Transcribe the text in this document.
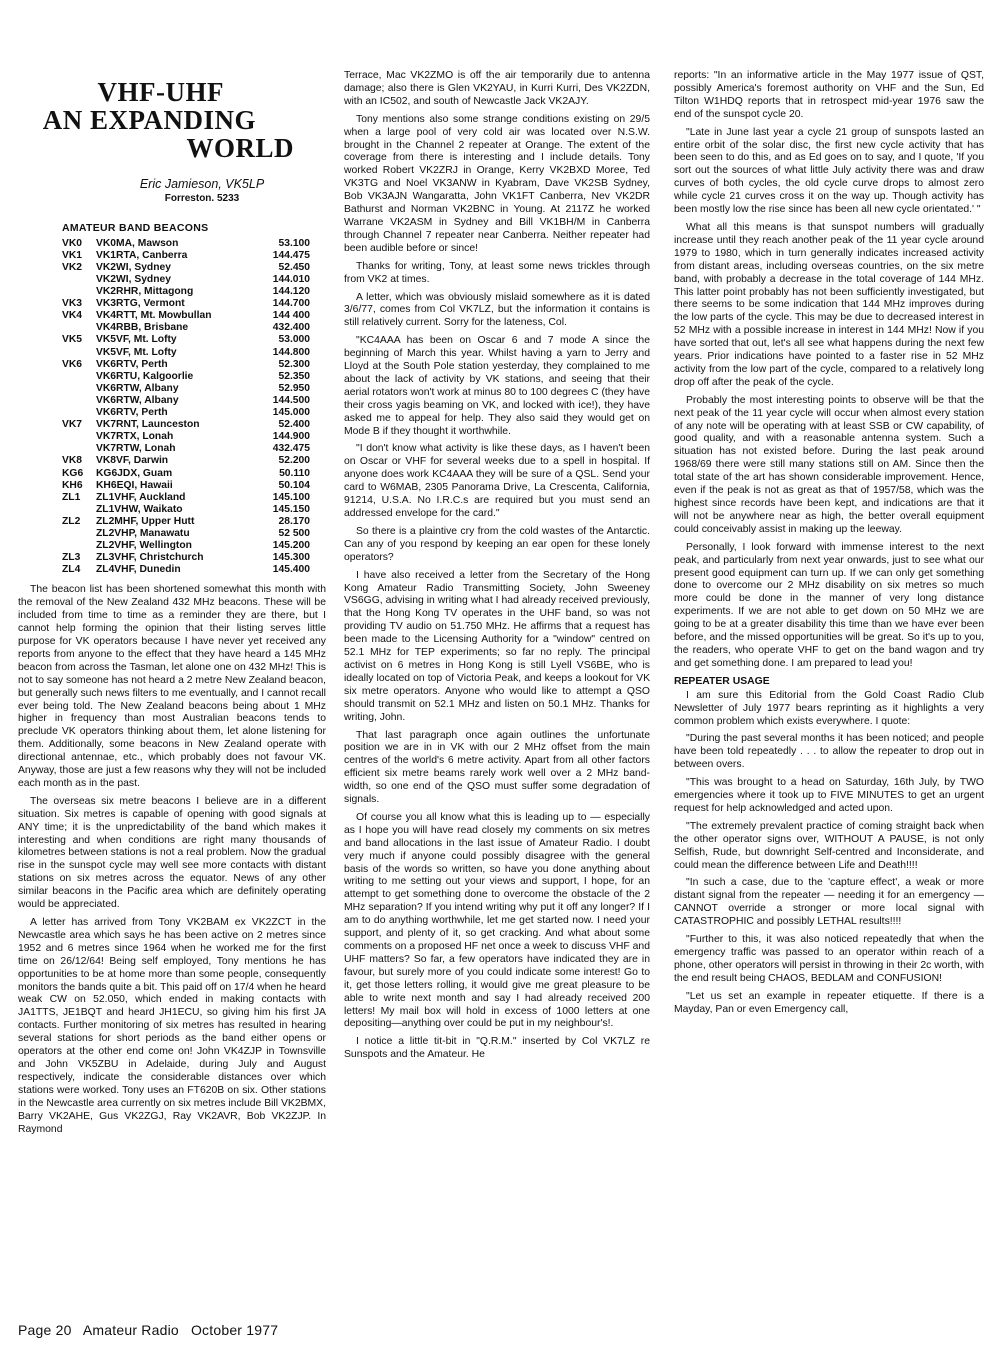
VHF-UHF
AN EXPANDING
WORLD
Eric Jamieson, VK5LP
Forreston. 5233
AMATEUR BAND BEACONS
VK0	VK0MA, Mawson	53.100
VK1	VK1RTA, Canberra	144.475
VK2	VK2WI, Sydney	52.450
	VK2WI, Sydney	144.010
	VK2RHR, Mittagong	144.120
VK3	VK3RTG, Vermont	144.700
VK4	VK4RTT, Mt. Mowbullan	144 400
	VK4RBB, Brisbane	432.400
VK5	VK5VF, Mt. Lofty	53.000
	VK5VF, Mt. Lofty	144.800
VK6	VK6RTV, Perth	52.300
	VK6RTU, Kalgoorlie	52.350
	VK6RTW, Albany	52.950
	VK6RTW, Albany	144.500
	VK6RTV, Perth	145.000
VK7	VK7RNT, Launceston	52.400
	VK7RTX, Lonah	144.900
	VK7RTW, Lonah	432.475
VK8	VK8VF, Darwin	52.200
KG6	KG6JDX, Guam	50.110
KH6	KH6EQI, Hawaii	50.104
ZL1	ZL1VHF, Auckland	145.100
	ZL1VHW, Waikato	145.150
ZL2	ZL2MHF, Upper Hutt	28.170
	ZL2VHP, Manawatu	52 500
	ZL2VHF, Wellington	145.200
ZL3	ZL3VHF, Christchurch	145.300
ZL4	ZL4VHF, Dunedin	145.400

The beacon list has been shortened somewhat this month with the removal of the New Zealand 432 MHz beacons. These will be included from time to time as a reminder they are there, but I cannot help forming the opinion that their listing serves little purpose for VK operators because I have never yet received any reports from anyone to the effect that they have heard a 145 MHz beacon from across the Tasman, let alone one on 432 MHz! This is not to say someone has not heard a 2 metre New Zealand beacon, but generally such news filters to me eventually, and I cannot recall ever being told. The New Zealand beacons being about 1 MHz higher in frequency than most Australian beacons tends to preclude VK operators thinking about them, let alone listening for them. Additionally, some beacons in New Zealand operate with directional antennae, etc., which probably does not favour VK. Anyway, those are just a few reasons why they will not be included each month as in the past.

The overseas six metre beacons I believe are in a different situation. Six metres is capable of opening with good signals at ANY time; it is the unpredictability of the band which makes it interesting and when conditions are right many thousands of kilometres between stations is not a real problem. Now the gradual rise in the sunspot cycle may well see more contacts with distant stations on six metres across the equator. News of any other similar beacons in the Pacific area which are definitely operating would be appreciated.

A letter has arrived from Tony VK2BAM ex VK2ZCT in the Newcastle area which says he has been active on 2 metres since 1952 and 6 metres since 1964 when he worked me for the first time on 26/12/64! Being self employed, Tony mentions he has opportunities to be at home more than some people, consequently monitors the bands quite a bit. This paid off on 17/4 when he heard weak CW on 52.050, which ended in making contacts with JA1TTS, JE1BQT and heard JH1ECU, so giving him his first JA contacts. Further monitoring of six metres has resulted in hearing several stations for short periods as the band either opens or operators at the other end come on! John VK4ZJP in Townsville and John VK5ZBU in Adelaide, during July and August respectively, indicate the considerable distances over which stations were worked. Tony uses an FT620B on six. Other stations in the Newcastle area currently on six metres include Bill VK2BMX, Barry VK2AHE, Gus VK2ZGJ, Ray VK2AVR, Bob VK2ZJP. In Raymond

Terrace, Mac VK2ZMO is off the air temporarily due to antenna damage; also there is Glen VK2YAU, in Kurri Kurri, Des VK2ZDN, with an IC502, and south of Newcastle Jack VK2AJY.

Tony mentions also some strange conditions existing on 29/5 when a large pool of very cold air was located over N.S.W. brought in the Channel 2 repeater at Orange. The extent of the coverage from there is interesting and I include details. Tony worked Robert VK2ZRJ in Orange, Kerry VK2BXD Moree, Ted VK3TG and Noel VK3ANW in Kyabram, Dave VK2SB Sydney, Bob VK3AJN Wangaratta, John VK1FT Canberra, Nev VK2DR Bathurst and Norman VK2BNC in Young. At 2117Z he worked Warrane VK2ASM in Sydney and Bill VK1BH/M in Canberra through Channel 7 repeater near Canberra. Neither repeater had been audible before or since!

Thanks for writing, Tony, at least some news trickles through from VK2 at times.

A letter, which was obviously mislaid somewhere as it is dated 3/6/77, comes from Col VK7LZ, but the information it contains is still relatively current. Sorry for the lateness, Col.

"KC4AAA has been on Oscar 6 and 7 mode A since the beginning of March this year. Whilst having a yarn to Jerry and Lloyd at the South Pole station yesterday, they complained to me about the lack of activity by VK stations, and seeing that their aerial rotators won't work at minus 80 to 100 degrees C (they have their cross yagis beaming on VK, and locked with ice!), they have asked me to appeal for help. They also said they would get on Mode B if they thought it worthwhile.

"I don't know what activity is like these days, as I haven't been on Oscar or VHF for several weeks due to a spell in hospital. If anyone does work KC4AAA they will be sure of a QSL. Send your card to W6MAB, 2305 Panorama Drive, La Crescenta, California, 91214, U.S.A. No I.R.C.s are required but you must send an addressed envelope for the card."

So there is a plaintive cry from the cold wastes of the Antarctic. Can any of you respond by keeping an ear open for these lonely operators?

I have also received a letter from the Secretary of the Hong Kong Amateur Radio Transmitting Society, John Sweeney VS6GG, advising in writing what I had already received previously, that the Hong Kong TV operates in the UHF band, so was not providing TV audio on 51.750 MHz. He affirms that a request has been made to the Licensing Authority for a "window" centred on 52.1 MHz for TEP experiments; so far no reply. The principal activist on 6 metres in Hong Kong is still Lyell VS6BE, who is ideally located on top of Victoria Peak, and keeps a lookout for VK six metre operators. Anyone who would like to attempt a QSO should transmit on 52.1 MHz and listen on 50.1 MHz. Thanks for writing, John.

That last paragraph once again outlines the unfortunate position we are in in VK with our 2 MHz offset from the main centres of the world's 6 metre activity. Apart from all other factors efficient six metre beams rarely work well over a 2 MHz band-width, so one end of the QSO must suffer some degradation of signals.

Of course you all know what this is leading up to — especially as I hope you will have read closely my comments on six metres and band allocations in the last issue of Amateur Radio. I doubt very much if anyone could possibly disagree with the general basis of the words so written, so have you done anything about writing to me setting out your views and support, I hope, for an attempt to get something done to overcome the obstacle of the 2 MHz separation? If you intend writing why put it off any longer? If I am to do anything worthwhile, let me get started now. I need your support, and plenty of it, so get cracking. And what about some comments on a proposed HF net once a week to discuss VHF and UHF matters? So far, a few operators have indicated they are in favour, but surely more of you could indicate some interest! Go to it, get those letters rolling, it would give me great pleasure to be able to write next month and say I had already received 200 letters! My mail box will hold in excess of 1000 letters at one depositing—anything over could be put in my neighbour's!.

I notice a little tit-bit in "Q.R.M." inserted by Col VK7LZ re Sunspots and the Amateur. He

reports: "In an informative article in the May 1977 issue of QST, possibly America's foremost authority on VHF and the Sun, Ed Tilton W1HDQ reports that in retrospect mid-year 1976 saw the end of the sunspot cycle 20.

"Late in June last year a cycle 21 group of sunspots lasted an entire orbit of the solar disc, the first new cycle activity that has been seen to do this, and as Ed goes on to say, and I quote, 'If you sort out the sources of what little July activity there was and draw curves of both cycles, the old cycle curve drops to almost zero while cycle 21 curves cross it on the way up. Though activity has been mostly low the rise since has been all new cycle orientated.' "

What all this means is that sunspot numbers will gradually increase until they reach another peak of the 11 year cycle around 1979 to 1980, which in turn generally indicates increased activity from distant areas, including overseas countries, on the six metre band, with probably a decrease in the total coverage of 144 MHz. This latter point probably has not been sufficiently investigated, but there seems to be some indication that 144 MHz improves during the low parts of the cycle. This may be due to decreased interest in 52 MHz with a possible increase in interest in 144 MHz! Now if you have sorted that out, let's all see what happens during the next few years. Prior indications have pointed to a faster rise in 52 MHz activity from the low part of the cycle, compared to a relatively long drop off after the peak of the cycle.

Probably the most interesting points to observe will be that the next peak of the 11 year cycle will occur when almost every station of any note will be operating with at least SSB or CW capability, of good quality, and with a reasonable antenna system. Such a situation has not existed before. During the last peak around 1968/69 there were still many stations still on AM. Since then the total state of the art has shown considerable improvement. Hence, even if the peak is not as great as that of 1957/58, which was the highest since records have been kept, and indications are that it will not be anywhere near as high, the better overall equipment could conceivably assist in making up the leeway.

Personally, I look forward with immense interest to the next peak, and particularly from next year onwards, just to see what our present good equipment can turn up. If we can only get something done to overcome our 2 MHz disability on six metres so much more could be done in the manner of very long distance experiments. If we are not able to get down on 50 MHz we are going to be at a greater disability this time than we have ever been before, and the missed opportunities will be great. So it's up to you, the readers, who operate VHF to get on the band wagon and try and get something done. I am prepared to lead you!

REPEATER USAGE

I am sure this Editorial from the Gold Coast Radio Club Newsletter of July 1977 bears reprinting as it highlights a very common problem which exists everywhere. I quote:

"During the past several months it has been noticed; and people have been told repeatedly . . . to allow the repeater to drop out in between overs.

"This was brought to a head on Saturday, 16th July, by TWO emergencies where it took up to FIVE MINUTES to get an urgent request for help acknowledged and acted upon.

"The extremely prevalent practice of coming straight back when the other operator signs over, WITHOUT A PAUSE, is not only Selfish, Rude, but downright Self-centred and Inconsiderate, and could mean the difference between Life and Death!!!!

"In such a case, due to the 'capture effect', a weak or more distant signal from the repeater — needing it for an emergency — CANNOT override a stronger or more local signal with CATASTROPHIC and possibly LETHAL results!!!!

"Further to this, it was also noticed repeatedly that when the emergency traffic was passed to an operator within reach of a phone, other operators will persist in throwing in their 2c worth, with the end result being CHAOS, BEDLAM and CONFUSION!

"Let us set an example in repeater etiquette. If there is a Mayday, Pan or even Emergency call,

Page 20 Amateur Radio October 1977
